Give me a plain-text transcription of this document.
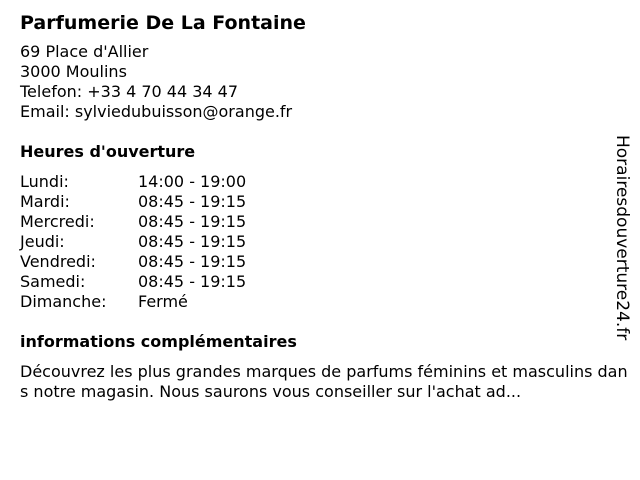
Parfumerie De La Fontaine
69 Place d'Allier
3000 Moulins
Telefon: +33 4 70 44 34 47
Email: sylviedubuisson@orange.fr
Heures d'ouverture
Lundi:	14:00 - 19:00
Mardi:	08:45 - 19:15
Mercredi:	08:45 - 19:15
Jeudi:	08:45 - 19:15
Vendredi:	08:45 - 19:15
Samedi:	08:45 - 19:15
Dimanche:	Fermé
informations complémentaires
Découvrez les plus grandes marques de parfums féminins et masculins dans notre magasin. Nous saurons vous conseiller sur l'achat ad...
Horairesdouverture24.fr
